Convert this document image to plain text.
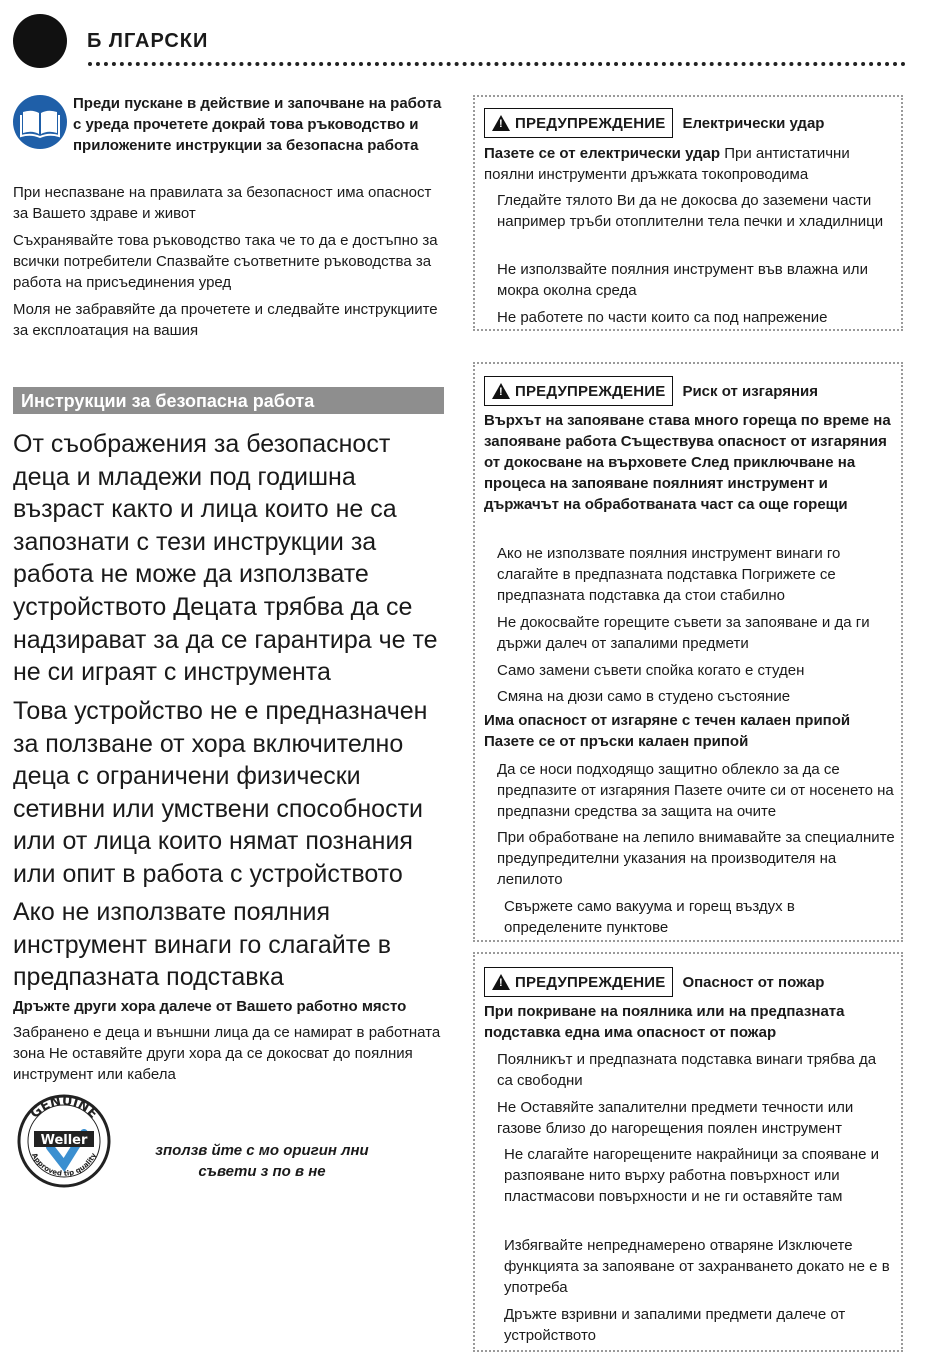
Б ЛГАРСКИ
Преди пускане в действие и започване на работа с уреда прочетете докрай това ръководство и приложените инструкции за безопасна работа
При неспазване на правилата за безопасност има опасност за Вашето здраве и живот
Съхранявайте това ръководство така че то да е достъпно за всички потребители Спазвайте съответните ръководства за работа на присъединения уред
Моля не забравяйте да прочетете и следвайте инструкциите за експлоатация на вашия
Инструкции за безопасна работа
От съображения за безопасност деца и младежи под годишна възраст както и лица които не са запознати с тези инструкции за работа не може да използвате устройството Децата трябва да се надзирават за да се гарантира че те не си играят с инструмента
Това устройство не е предназначен за ползване от хора включително деца с ограничени физически сетивни или умствени способности или от лица които нямат познания или опит в работа с устройството
Ако не използвате поялния инструмент винаги го слагайте в предпазната подставка
Дръжте други хора далече от Вашето работно място
Забранено е деца и външни лица да се намират в работната зона Не оставяйте други хора да се докосват до поялния инструмент или кабела
GENUINE
Approved tip quality
Weller
зползв йте с мо оригин лни съвети з по в не
! ПРЕДУПРЕЖДЕНИЕ Електрически удар
Пазете се от електрически удар При антистатични поялни инструменти дръжката токопроводима
Гледайте тялото Ви да не докосва до заземени части например тръби отоплителни тела печки и хладилници
Не използвайте поялния инструмент във влажна или мокра околна среда
Не работете по части които са под напрежение
! ПРЕДУПРЕЖДЕНИЕ Риск от изгаряния
Върхът на запояване става много гореща по време на запояване работа Съществува опасност от изгаряния от докосване на върховете След приключване на процеса на запояване поялният инструмент и държачът на обработваната част са още горещи
Ако не използвате поялния инструмент винаги го слагайте в предпазната подставка Погрижете се предпазната подставка да стои стабилно
Не докосвайте горещите съвети за запояване и да ги държи далеч от запалими предмети
Само замени съвети спойка когато е студен
Смяна на дюзи само в студено състояние
Има опасност от изгаряне с течен калаен припой Пазете се от пръски калаен припой
Да се носи подходящо защитно облекло за да се предпазите от изгаряния Пазете очите си от носенето на предпазни средства за защита на очите
При обработване на лепило внимавайте за специалните предупредителни указания на производителя на лепилото
Свържете само вакуума и горещ въздух в определените пунктове
! ПРЕДУПРЕЖДЕНИЕ Опасност от пожар
При покриване на поялника или на предпазната подставка една има опасност от пожар
Поялникът и предпазната подставка винаги трябва да са свободни
Не Оставяйте запалителни предмети течности или газове близо до нагорещения поялен инструмент
Не слагайте нагорещените накрайници за спояване и разпояване нито върху работна повърхност или пластмасови повърхности и не ги оставяйте там
Избягвайте непреднамерено отваряне Изключете функцията за запояване от захранването докато не е в употреба
Дръжте взривни и запалими предмети далече от устройството
